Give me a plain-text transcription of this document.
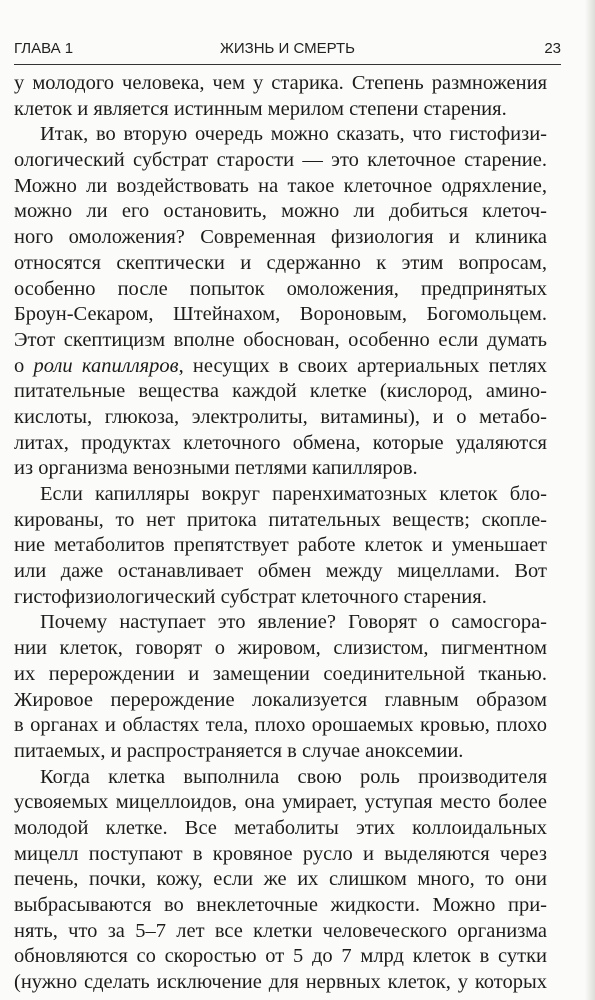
ГЛАВА 1	ЖИЗНЬ И СМЕРТЬ	23
у молодого человека, чем у старика. Степень размножения
клеток и является истинным мерилом степени старения.
Итак, во вторую очередь можно сказать, что гистофизи-
ологический субстрат старости — это клеточное старение.
Можно ли воздействовать на такое клеточное одряхление,
можно ли его остановить, можно ли добиться клеточ-
ного омоложения? Современная физиология и клиника
относятся скептически и сдержанно к этим вопросам,
особенно после попыток омоложения, предпринятых
Броун-Секаром, Штейнахом, Вороновым, Богомольцем.
Этот скептицизм вполне обоснован, особенно если думать
о роли капилляров, несущих в своих артериальных петлях
питательные вещества каждой клетке (кислород, амино-
кислоты, глюкоза, электролиты, витамины), и о метабо-
литах, продуктах клеточного обмена, которые удаляются
из организма венозными петлями капилляров.
Если капилляры вокруг паренхиматозных клеток бло-
кированы, то нет притока питательных веществ; скопле-
ние метаболитов препятствует работе клеток и уменьшает
или даже останавливает обмен между мицеллами. Вот
гистофизиологический субстрат клеточного старения.
Почему наступает это явление? Говорят о самосгора-
нии клеток, говорят о жировом, слизистом, пигментном
их перерождении и замещении соединительной тканью.
Жировое перерождение локализуется главным образом
в органах и областях тела, плохо орошаемых кровью, плохо
питаемых, и распространяется в случае аноксемии.
Когда клетка выполнила свою роль производителя
усвояемых мицеллоидов, она умирает, уступая место более
молодой клетке. Все метаболиты этих коллоидальных
мицелл поступают в кровяное русло и выделяются через
печень, почки, кожу, если же их слишком много, то они
выбрасываются во внеклеточные жидкости. Можно при-
нять, что за 5–7 лет все клетки человеческого организма
обновляются со скоростью от 5 до 7 млрд клеток в сутки
(нужно сделать исключение для нервных клеток, у которых
